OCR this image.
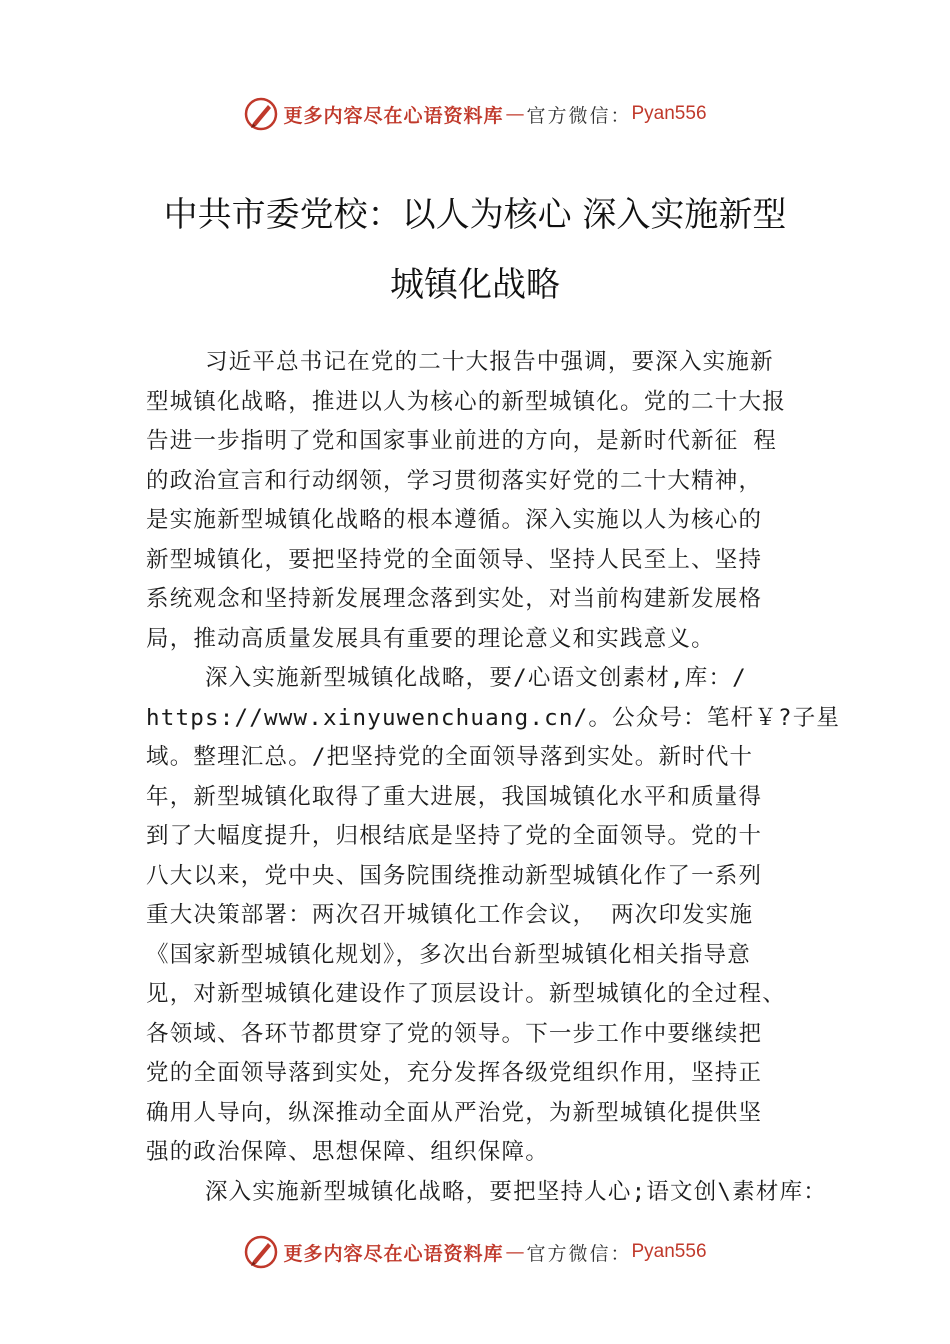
更多内容尽在心语资料库 — 官方微信： Pyan556
中共市委党校：以人为核心 深入实施新型
城镇化战略
习近平总书记在党的二十大报告中强调，要深入实施新
型城镇化战略，推进以人为核心的新型城镇化。党的二十大报
告进一步指明了党和国家事业前进的方向，是新时代新征 程
的政治宣言和行动纲领，学习贯彻落实好党的二十大精神，
是实施新型城镇化战略的根本遵循。深入实施以人为核心的
新型城镇化，要把坚持党的全面领导、坚持人民至上、坚持
系统观念和坚持新发展理念落到实处，对当前构建新发展格
局，推动高质量发展具有重要的理论意义和实践意义。
深入实施新型城镇化战略，要/心语文创素材,库：/
https://www.xinyuwenchuang.cn/。公众号：笔杆￥?子星
域。整理汇总。/把坚持党的全面领导落到实处。新时代十
年，新型城镇化取得了重大进展，我国城镇化水平和质量得
到了大幅度提升，归根结底是坚持了党的全面领导。党的十
八大以来，党中央、国务院围绕推动新型城镇化作了一系列
重大决策部署：两次召开城镇化工作会议， 两次印发实施
《国家新型城镇化规划》，多次出台新型城镇化相关指导意
见，对新型城镇化建设作了顶层设计。新型城镇化的全过程、
各领域、各环节都贯穿了党的领导。下一步工作中要继续把
党的全面领导落到实处，充分发挥各级党组织作用，坚持正
确用人导向，纵深推动全面从严治党，为新型城镇化提供坚
强的政治保障、思想保障、组织保障。
深入实施新型城镇化战略，要把坚持人心;语文创\素材库：
更多内容尽在心语资料库 — 官方微信： Pyan556
